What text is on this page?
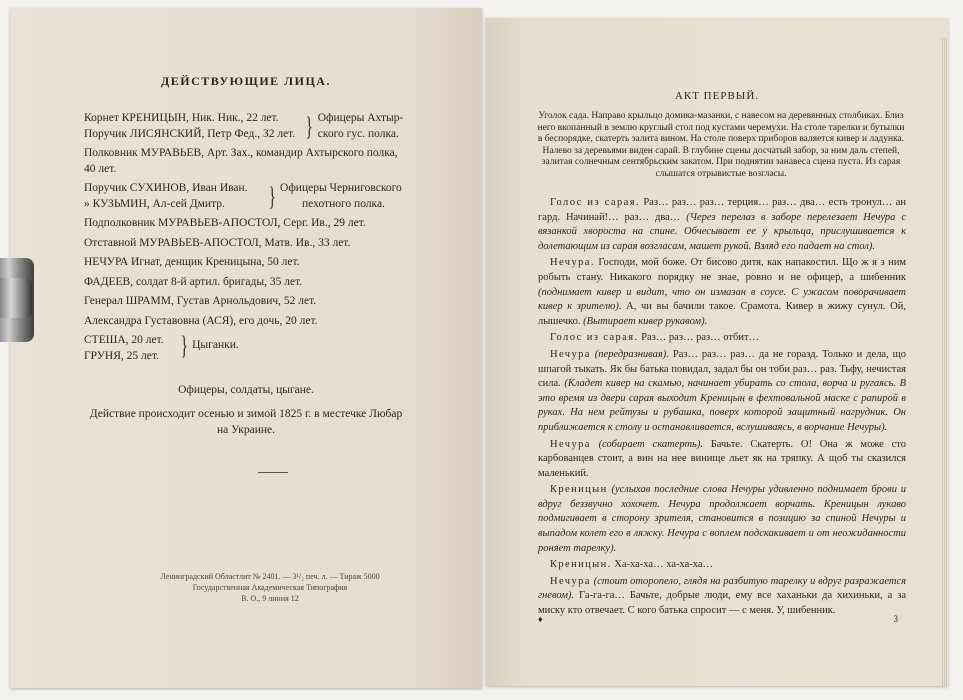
ДЕЙСТВУЮЩИЕ ЛИЦА.
Корнет КРЕНИЦЫН, Ник. Ник., 22 лет.
Поручик ЛИСЯНСКИЙ, Петр Фед., 32 лет. } Офицеры Ахтыр-
ского гус. полка.
Полковник МУРАВЬЕВ, Арт. Зах., командир Ахтырского полка,
40 лет.
Поручик СУХИНОВ, Иван Иван.
» КУЗЬМИН, Ал-сей Дмитр.	} Офицеры Черниговского
пехотного полка.
Подполковник МУРАВЬЕВ-АПОСТОЛ, Серг. Ив., 29 лет.
Отставной МУРАВЬЕВ-АПОСТОЛ, Матв. Ив., 33 лет.
НЕЧУРА Игнат, денщик Креницына, 50 лет.
ФАДЕЕВ, солдат 8-й артил. бригады, 35 лет.
Генерал ШРАММ, Густав Арнольдович, 52 лет.
Александра Густавовна (АСЯ), его дочь, 20 лет.
СТЕША, 20 лет.
ГРУНЯ, 25 лет. } Цыганки.
Офицеры, солдаты, цыгане.
Действие происходит осенью и зимой 1825 г. в местечке Любар
на Украине.
Ленинградский Областлит № 2401. — 3¹/₂ печ. л. — Тираж 5000
Государственная Академическая Типография
В. О., 9 линия 12
АКТ ПЕРВЫЙ.
Уголок сада. Направо крыльцо домика-мазанки, с навесом на деревянных столбиках. Близ него вкопанный в землю круглый стол под кустами черемухи. На столе тарелки и бутылки в беспорядке, скатерть залита вином. На столе поверх приборов валяется кивер и ладунка. Налево за деревьями виден сарай. В глубине сцены досчатый забор, за ним даль степей, залитая солнечным сентябрьским закатом. При поднятии занавеса сцена пуста. Из сарая слышатся отрывистые возгласы.

Голос из сарая. Раз… раз… раз… терция… раз… два… есть тронул… ан гард. Начинай!… раз… два… (Через перелаз в заборе перелезает Нечура с вязанкой хвороста на спине. Обчесывает ее у крыльца, прислушивается к долетающим из сарая возгласам, машет рукой. Взляд его падает на стол).

Нечура. Господи, мой боже. От бисово дитя, как напакостил. Що ж я з ним робыть стану. Никакого порядку не знае, ровно и не офицер, а шибенник (поднимает кивер и видит, что он измазан в соусе. С ужасом поворачивает кивер к зрителю). А, чи вы бачили такое. Срамота. Кивер в жижу сунул. Ой, лышечко. (Вытирает кивер рукавом).

Голос из сарая. Раз… раз… раз… отбит…

Нечура (передразнивая). Раз… раз… раз… да не горазд. Только и дела, що шпагой тыкать. Як бы батька повидал, задал бы он тоби раз… раз. Тьфу, нечистая сила. (Кладет кивер на скамью, начинает убирать со стола, ворча и ругаясь. В это время из двери сарая выходит Креницын в фехтовальной маске с рапирой в руках. На нем рейтузы и рубашка, поверх которой защитный нагрудник. Он приближается к столу и останавливается, вслушиваясь, в ворчание Нечуры).

Нечура (собирает скатерть). Бачьте. Скатерть. О! Она ж може сто карбованцев стоит, а вин на нее винище льет як на тряпку. А щоб ты сказился маленький.

Креницын (услыхав последние слова Нечуры удивленно поднимает брови и вдруг беззвучно хохочет. Нечура продолжает ворчать. Креницын лукаво подмигивает в сторону зрителя, становится в позицию за спиной Нечуры и выпадом колет его в ляжку. Нечура с воплем подскакивает и от неожиданности роняет тарелку).

Креницын. Ха-ха-ха… ха-ха-ха…

Нечура (стоит оторопело, глядя на разбитую тарелку и вдруг разражается гневом). Га-га-га… Бачьте, добрые люди, ему все хаханьки да хихиньки, а за миску кто отвечает. С кого батька спросит — с меня. У, шибенник.

♦	3
